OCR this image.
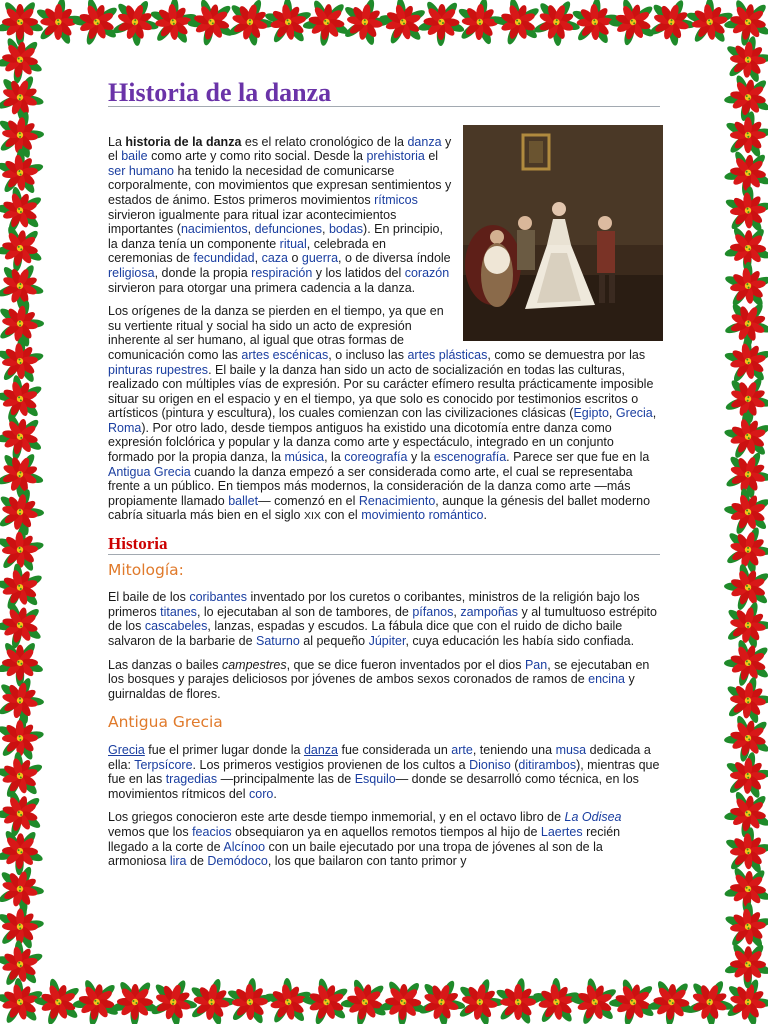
Historia de la danza

La historia de la danza es el relato cronológico de la danza y el baile como arte y como rito social. Desde la prehistoria el ser humano ha tenido la necesidad de comunicarse corporalmente, con movimientos que expresan sentimientos y estados de ánimo. Estos primeros movimientos rítmicos sirvieron igualmente para ritual izar acontecimientos importantes (nacimientos, defunciones, bodas). En principio, la danza tenía un componente ritual, celebrada en ceremonias de fecundidad, caza o guerra, o de diversa índole religiosa, donde la propia respiración y los latidos del corazón sirvieron para otorgar una primera cadencia a la danza.

Los orígenes de la danza se pierden en el tiempo, ya que en su vertiente ritual y social ha sido un acto de expresión inherente al ser humano, al igual que otras formas de comunicación como las artes escénicas, o incluso las artes plásticas, como se demuestra por las pinturas rupestres. El baile y la danza han sido un acto de socialización en todas las culturas, realizado con múltiples vías de expresión. Por su carácter efímero resulta prácticamente imposible situar su origen en el espacio y en el tiempo, ya que solo es conocido por testimonios escritos o artísticos (pintura y escultura), los cuales comienzan con las civilizaciones clásicas (Egipto, Grecia, Roma). Por otro lado, desde tiempos antiguos ha existido una dicotomía entre danza como expresión folclórica y popular y la danza como arte y espectáculo, integrado en un conjunto formado por la propia danza, la música, la coreografía y la escenografía. Parece ser que fue en la Antigua Grecia cuando la danza empezó a ser considerada como arte, el cual se representaba frente a un público. En tiempos más modernos, la consideración de la danza como arte —más propiamente llamado ballet— comenzó en el Renacimiento, aunque la génesis del ballet moderno cabría situarla más bien en el siglo XIX con el movimiento romántico.

Historia
Mitología:

El baile de los coribantes inventado por los curetos o coribantes, ministros de la religión bajo los primeros titanes, lo ejecutaban al son de tambores, de pífanos, zampoñas y al tumultuoso estrépito de los cascabeles, lanzas, espadas y escudos. La fábula dice que con el ruido de dicho baile salvaron de la barbarie de Saturno al pequeño Júpiter, cuya educación les había sido confiada.

Las danzas o bailes campestres, que se dice fueron inventados por el dios Pan, se ejecutaban en los bosques y parajes deliciosos por jóvenes de ambos sexos coronados de ramos de encina y guirnaldas de flores.

Antigua Grecia

Grecia fue el primer lugar donde la danza fue considerada un arte, teniendo una musa dedicada a ella: Terpsícore. Los primeros vestigios provienen de los cultos a Dioniso (ditirambos), mientras que fue en las tragedias —principalmente las de Esquilo— donde se desarrolló como técnica, en los movimientos rítmicos del coro.

Los griegos conocieron este arte desde tiempo inmemorial, y en el octavo libro de La Odisea vemos que los feacios obsequiaron ya en aquellos remotos tiempos al hijo de Laertes recién llegado a la corte de Alcínoo con un baile ejecutado por una tropa de jóvenes al son de la armoniosa lira de Demódoco, los que bailaron con tanto primor y
